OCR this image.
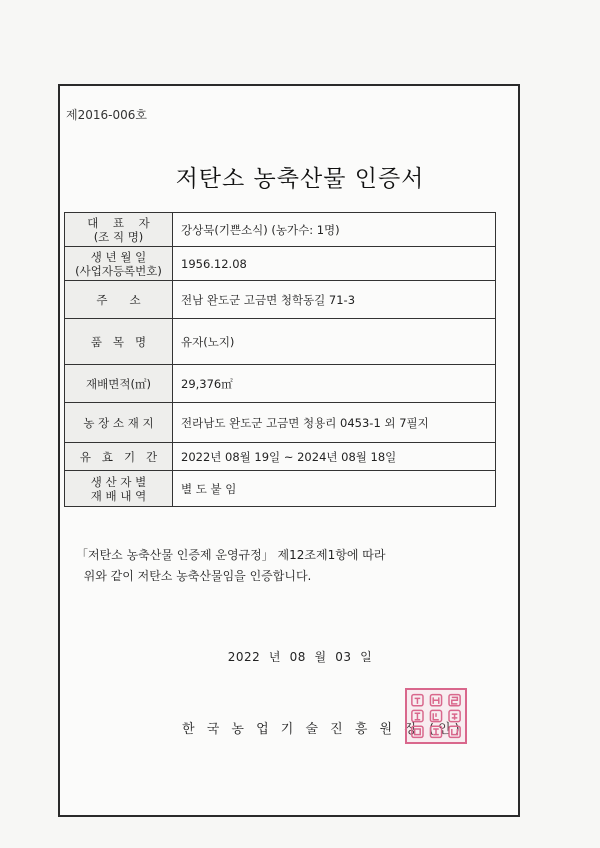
제2016-006호
저탄소 농축산물 인증서
대    표    자
(조 직 명)	강상묵(기쁜소식) (농가수: 1명)

생 년 월 일
(사업자등록번호)	1956.12.08

주      소	전남 완도군 고금면 청학동길 71-3

품   목   명	유자(노지)

재배면적(㎡)	29,376㎡

농 장 소 재 지	전라남도 완도군 고금면 청용리 0453-1 외 7필지

유   효   기   간	2022년 08월 19일 ~ 2024년 08월 18일

생 산 자 별
재 배 내 역	별 도 붙 임
「저탄소 농축산물 인증제 운영규정」 제12조제1항에 따라
위와 같이 저탄소 농축산물임을 인증합니다.
2022  년  08  월  03  일
한 국 농 업 기 술 진 흥 원 장 (인)
